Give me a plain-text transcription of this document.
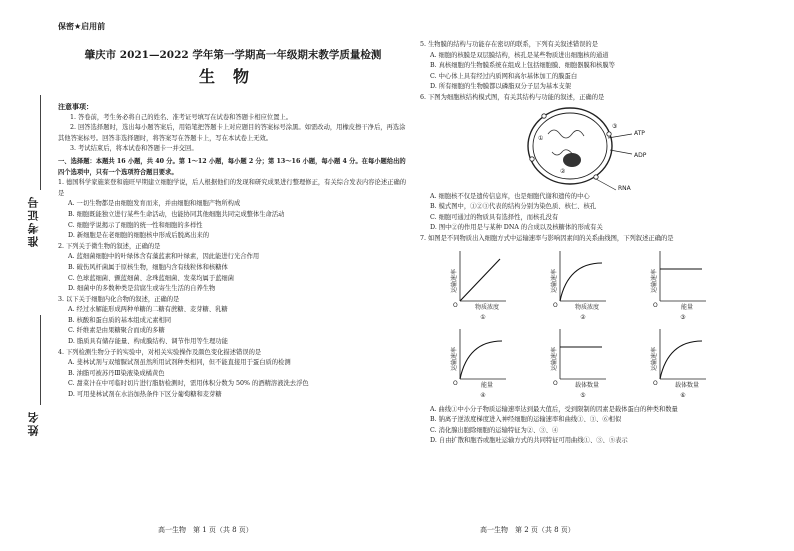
准考证号
姓名
保密★启用前
肇庆市 2021—2022 学年第一学期高一年级期末教学质量检测
生物
注意事项：
1. 答卷前，考生务必将自己的姓名、准考证号填写在试卷和答题卡相应位置上。
2. 回答选择题时，选出每小题答案后，用铅笔把答题卡上对应题目的答案标号涂黑。如需改动，用橡皮擦干净后，再选涂其他答案标号。回答非选择题时，将答案写在答题卡上，写在本试卷上无效。
3. 考试结束后，将本试卷和答题卡一并交回。
一、选择题：本题共 16 小题，共 40 分。第 1～12 小题，每小题 2 分；第 13～16 小题，每小题 4 分。在每小题给出的四个选项中，只有一个选项符合题目要求。
1. 德国科学家施莱登和施旺早期建立细胞学说，后人根据他们的发现和研究成果进行整理修正，有关综合发表内容论述正确的是
A. 一切生物都是由细胞发育而来，并由细胞和细胞产物所构成
B. 细胞既能独立进行某些生命活动，也能协同其他细胞共同完成整体生命活动
C. 细胞学说揭示了细胞的统一性和细胞的多样性
D. 新细胞是在老细胞的细胞核中形成后脱离出来的
2. 下列关于微生物的叙述，正确的是
A. 蓝细菌细胞中的叶绿体含有藻蓝素和叶绿素，因此能进行光合作用
B. 破伤风杆菌属于原核生物，细胞内含有线粒体和核糖体
C. 色球蓝细菌、颤蓝细菌、念珠蓝细菌、发菜均属于蓝细菌
D. 细菌中的多数种类是营腐生或寄生生活的自养生物
3. 以下关于细胞内化合物的叙述，正确的是
A. 经过水解能形成两种单糖的二糖有蔗糖、麦芽糖、乳糖
B. 核酸和蛋白质的基本组成元素相同
C. 纤维素是由果糖聚合而成的多糖
D. 脂质具有储存能量、构成膜结构、调节作用等生理功能
4. 下列检测生物分子的实验中，对相关实验操作及颜色变化描述错误的是
A. 斐林试剂与双缩脲试剂虽然所用试剂种类相同，但不能直接用于蛋白质的检测
B. 油脂可被苏丹Ⅲ染液染成橘黄色
C. 甜菜汁在中可临时切片进行脂肪检测时，需用体积分数为 50% 的酒精溶液洗去浮色
D. 可用斐林试剂在水浴加热条件下区分葡萄糖和麦芽糖
高一生物　第 1 页（共 8 页）
5. 生物膜的结构与功能存在密切的联系，下列有关叙述错误的是
A. 细胞的核膜是双层膜结构，核孔是某些物质进出细胞核的通道
B. 真核细胞的生物膜系统在组成上包括细胞膜、细胞器膜和核膜等
C. 中心体上具有经过内质网和高尔基体加工的膜蛋白
D. 所有细胞的生物膜都以磷脂双分子层为基本支架
6. 下图为细胞核结构模式图，有关其结构与功能的叙述，正确的是
①
②
③
ATP
ADP
RNA
A. 细胞核不仅是遗传信息库，也是细胞代谢和遗传的中心
B. 模式图中，①②③代表的结构分别为染色质、核仁、核孔
C. 细胞可通过的物质具有选择性，而核孔没有
D. 图中②的作用是与某种 DNA 的合成以及核糖体的形成有关
7. 如图是不同物质出入细胞方式中运输速率与影响因素间的关系曲线图，下列叙述正确的是
运输速率
O	物质浓度
①
运输速率
O	物质浓度
②
运输速率
O	能量
③
运输速率
O	能量
④
运输速率
O	载体数量
⑤
运输速率
O	载体数量
⑥
A. 曲线①中小分子物质运输速率达到最大值后，受到限制的因素是载体蛋白的种类和数量
B. 钠离子逆浓度梯度进入神经细胞的运输速率和曲线①、③、⑥相似
C. 消化腺出胞除细胞的运输特征为②、③、④
D. 自由扩散和胞吞或胞吐运输方式的共同特征可用曲线①、③、⑤表示
高一生物　第 2 页（共 8 页）
